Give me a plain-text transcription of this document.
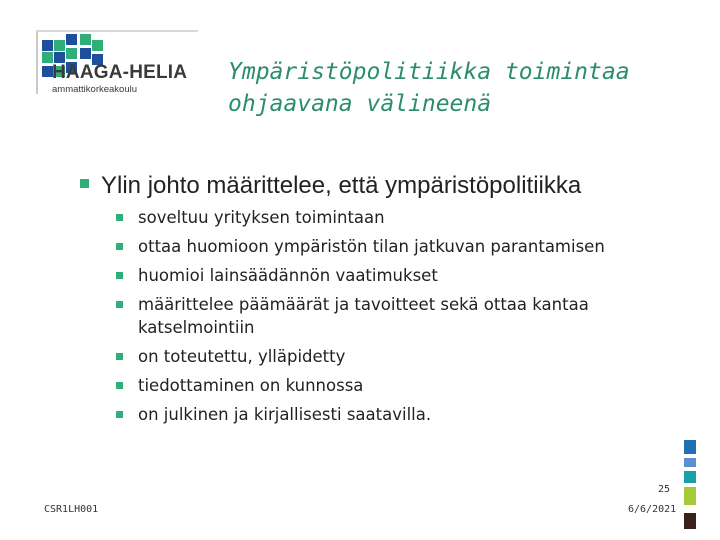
HAAGA-HELIA
ammattikorkeakoulu
Ympäristöpolitiikka toimintaa
ohjaavana välineenä
Ylin johto määrittelee, että ympäristöpolitiikka
soveltuu yrityksen toimintaan
ottaa huomioon ympäristön tilan jatkuvan parantamisen
huomioi lainsäädännön vaatimukset
määrittelee päämäärät ja tavoitteet sekä ottaa kantaa katselmointiin
on toteutettu, ylläpidetty
tiedottaminen on kunnossa
on julkinen ja kirjallisesti saatavilla.
CSR1LH001
25
6/6/2021
